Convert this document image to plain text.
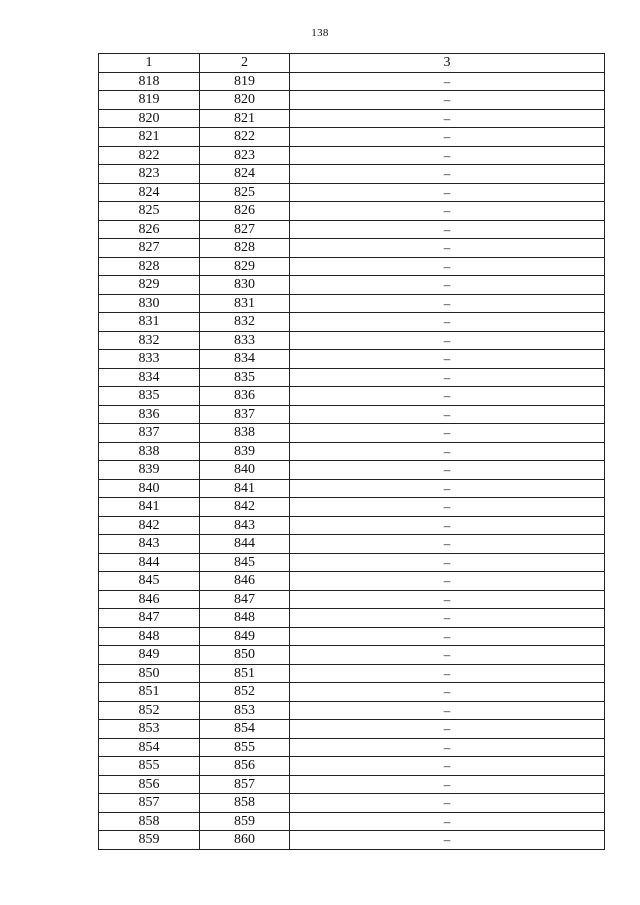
138
1	2	3
818	819	–
819	820	–
820	821	–
821	822	–
822	823	–
823	824	–
824	825	–
825	826	–
826	827	–
827	828	–
828	829	–
829	830	–
830	831	–
831	832	–
832	833	–
833	834	–
834	835	–
835	836	–
836	837	–
837	838	–
838	839	–
839	840	–
840	841	–
841	842	–
842	843	–
843	844	–
844	845	–
845	846	–
846	847	–
847	848	–
848	849	–
849	850	–
850	851	–
851	852	–
852	853	–
853	854	–
854	855	–
855	856	–
856	857	–
857	858	–
858	859	–
859	860	–
